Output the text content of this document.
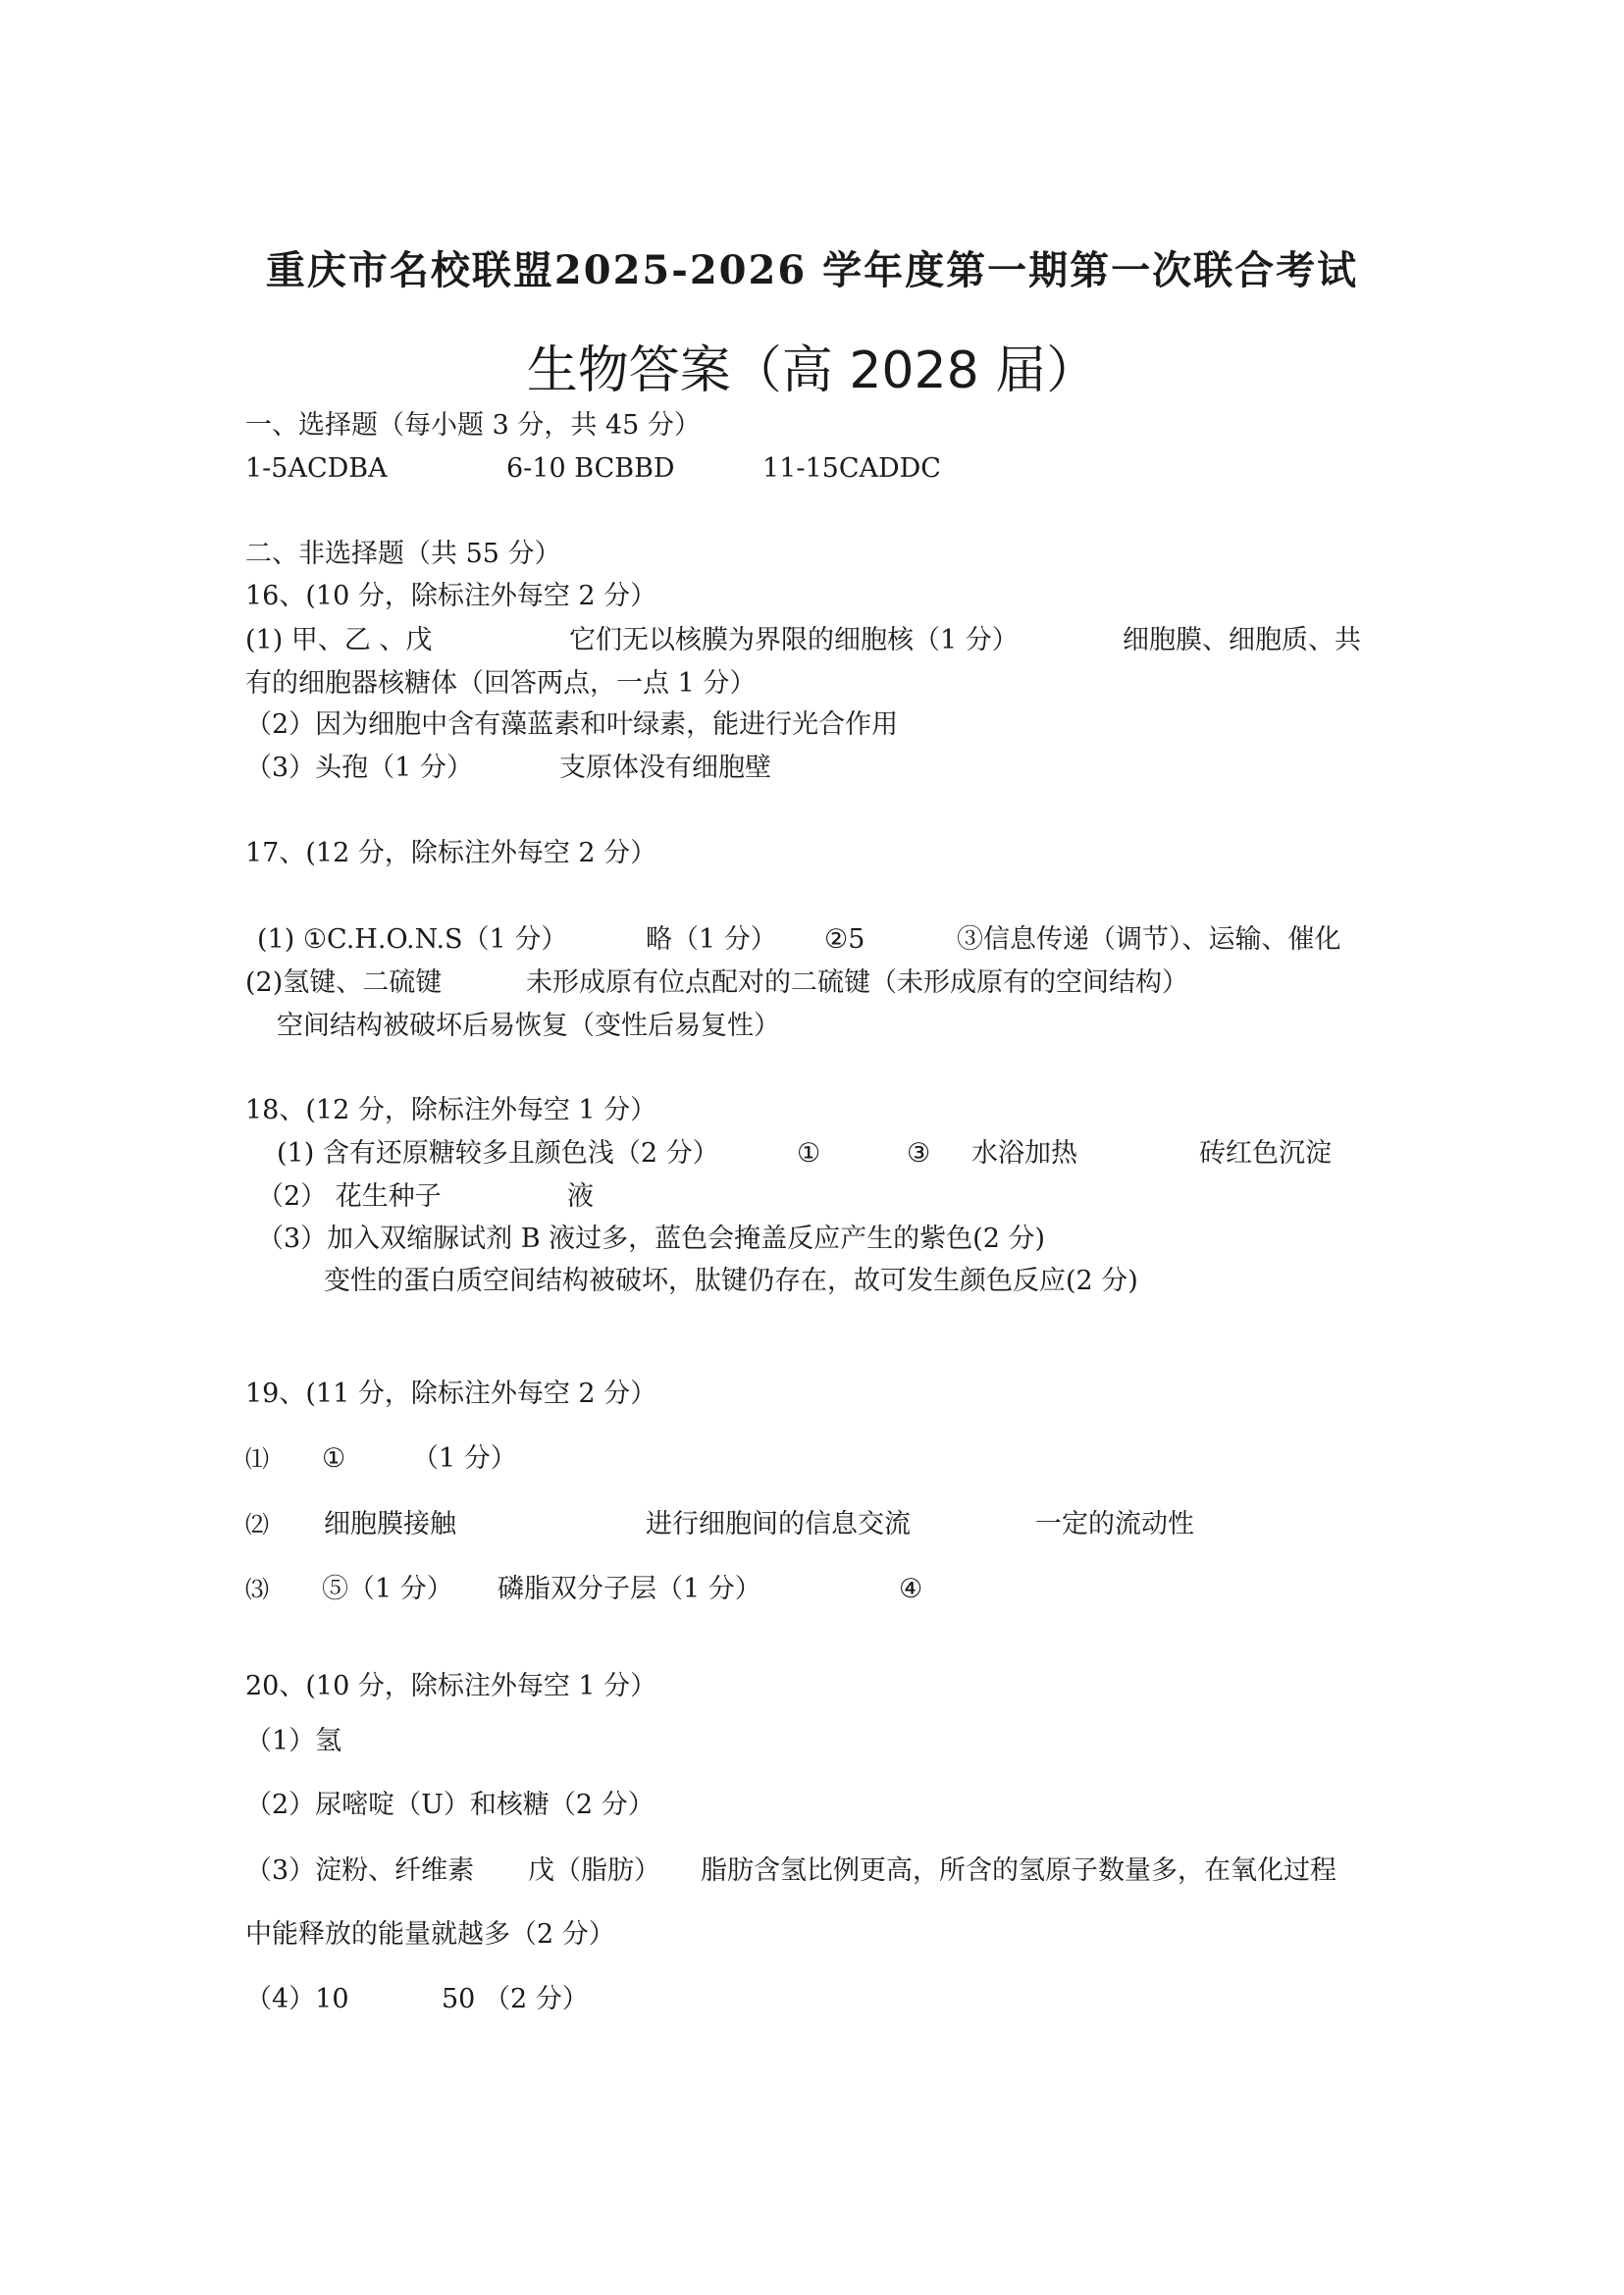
重庆市名校联盟2025-2026 学年度第一期第一次联合考试
生物答案（高 2028 届）
一、选择题（每小题 3 分，共 45 分）
1-5ACDBA	6-10 BCBBD	11-15CADDC
二、非选择题（共 55 分）
16、(10 分，除标注外每空 2 分）
(1) 甲、乙 、戊	它们无以核膜为界限的细胞核（1 分）	细胞膜、细胞质、共
有的细胞器核糖体（回答两点，一点 1 分）
（2）因为细胞中含有藻蓝素和叶绿素，能进行光合作用
（3）头孢（1 分）	支原体没有细胞壁
17、(12 分，除标注外每空 2 分）
(1) ①C.H.O.N.S（1 分）	略（1 分） ②5	③信息传递（调节）、运输、催化
(2)氢键、二硫键	未形成原有位点配对的二硫键（未形成原有的空间结构）
空间结构被破坏后易恢复（变性后易复性）
18、(12 分，除标注外每空 1 分）
(1) 含有还原糖较多且颜色浅（2 分）	①	③ 水浴加热	砖红色沉淀
（2） 花生种子	液
（3）加入双缩脲试剂 B 液过多，蓝色会掩盖反应产生的紫色(2 分)
变性的蛋白质空间结构被破坏，肽键仍存在，故可发生颜色反应(2 分)
19、(11 分，除标注外每空 2 分）
⑴ ①	（1 分）
⑵ 细胞膜接触	进行细胞间的信息交流	一定的流动性
⑶ ⑤（1 分） 磷脂双分子层（1 分）	④
20、(10 分，除标注外每空 1 分）
（1）氢
（2）尿嘧啶（U）和核糖（2 分）
（3）淀粉、纤维素 戊（脂肪） 脂肪含氢比例更高，所含的氢原子数量多，在氧化过程
中能释放的能量就越多（2 分）
（4）10	50 （2 分）
